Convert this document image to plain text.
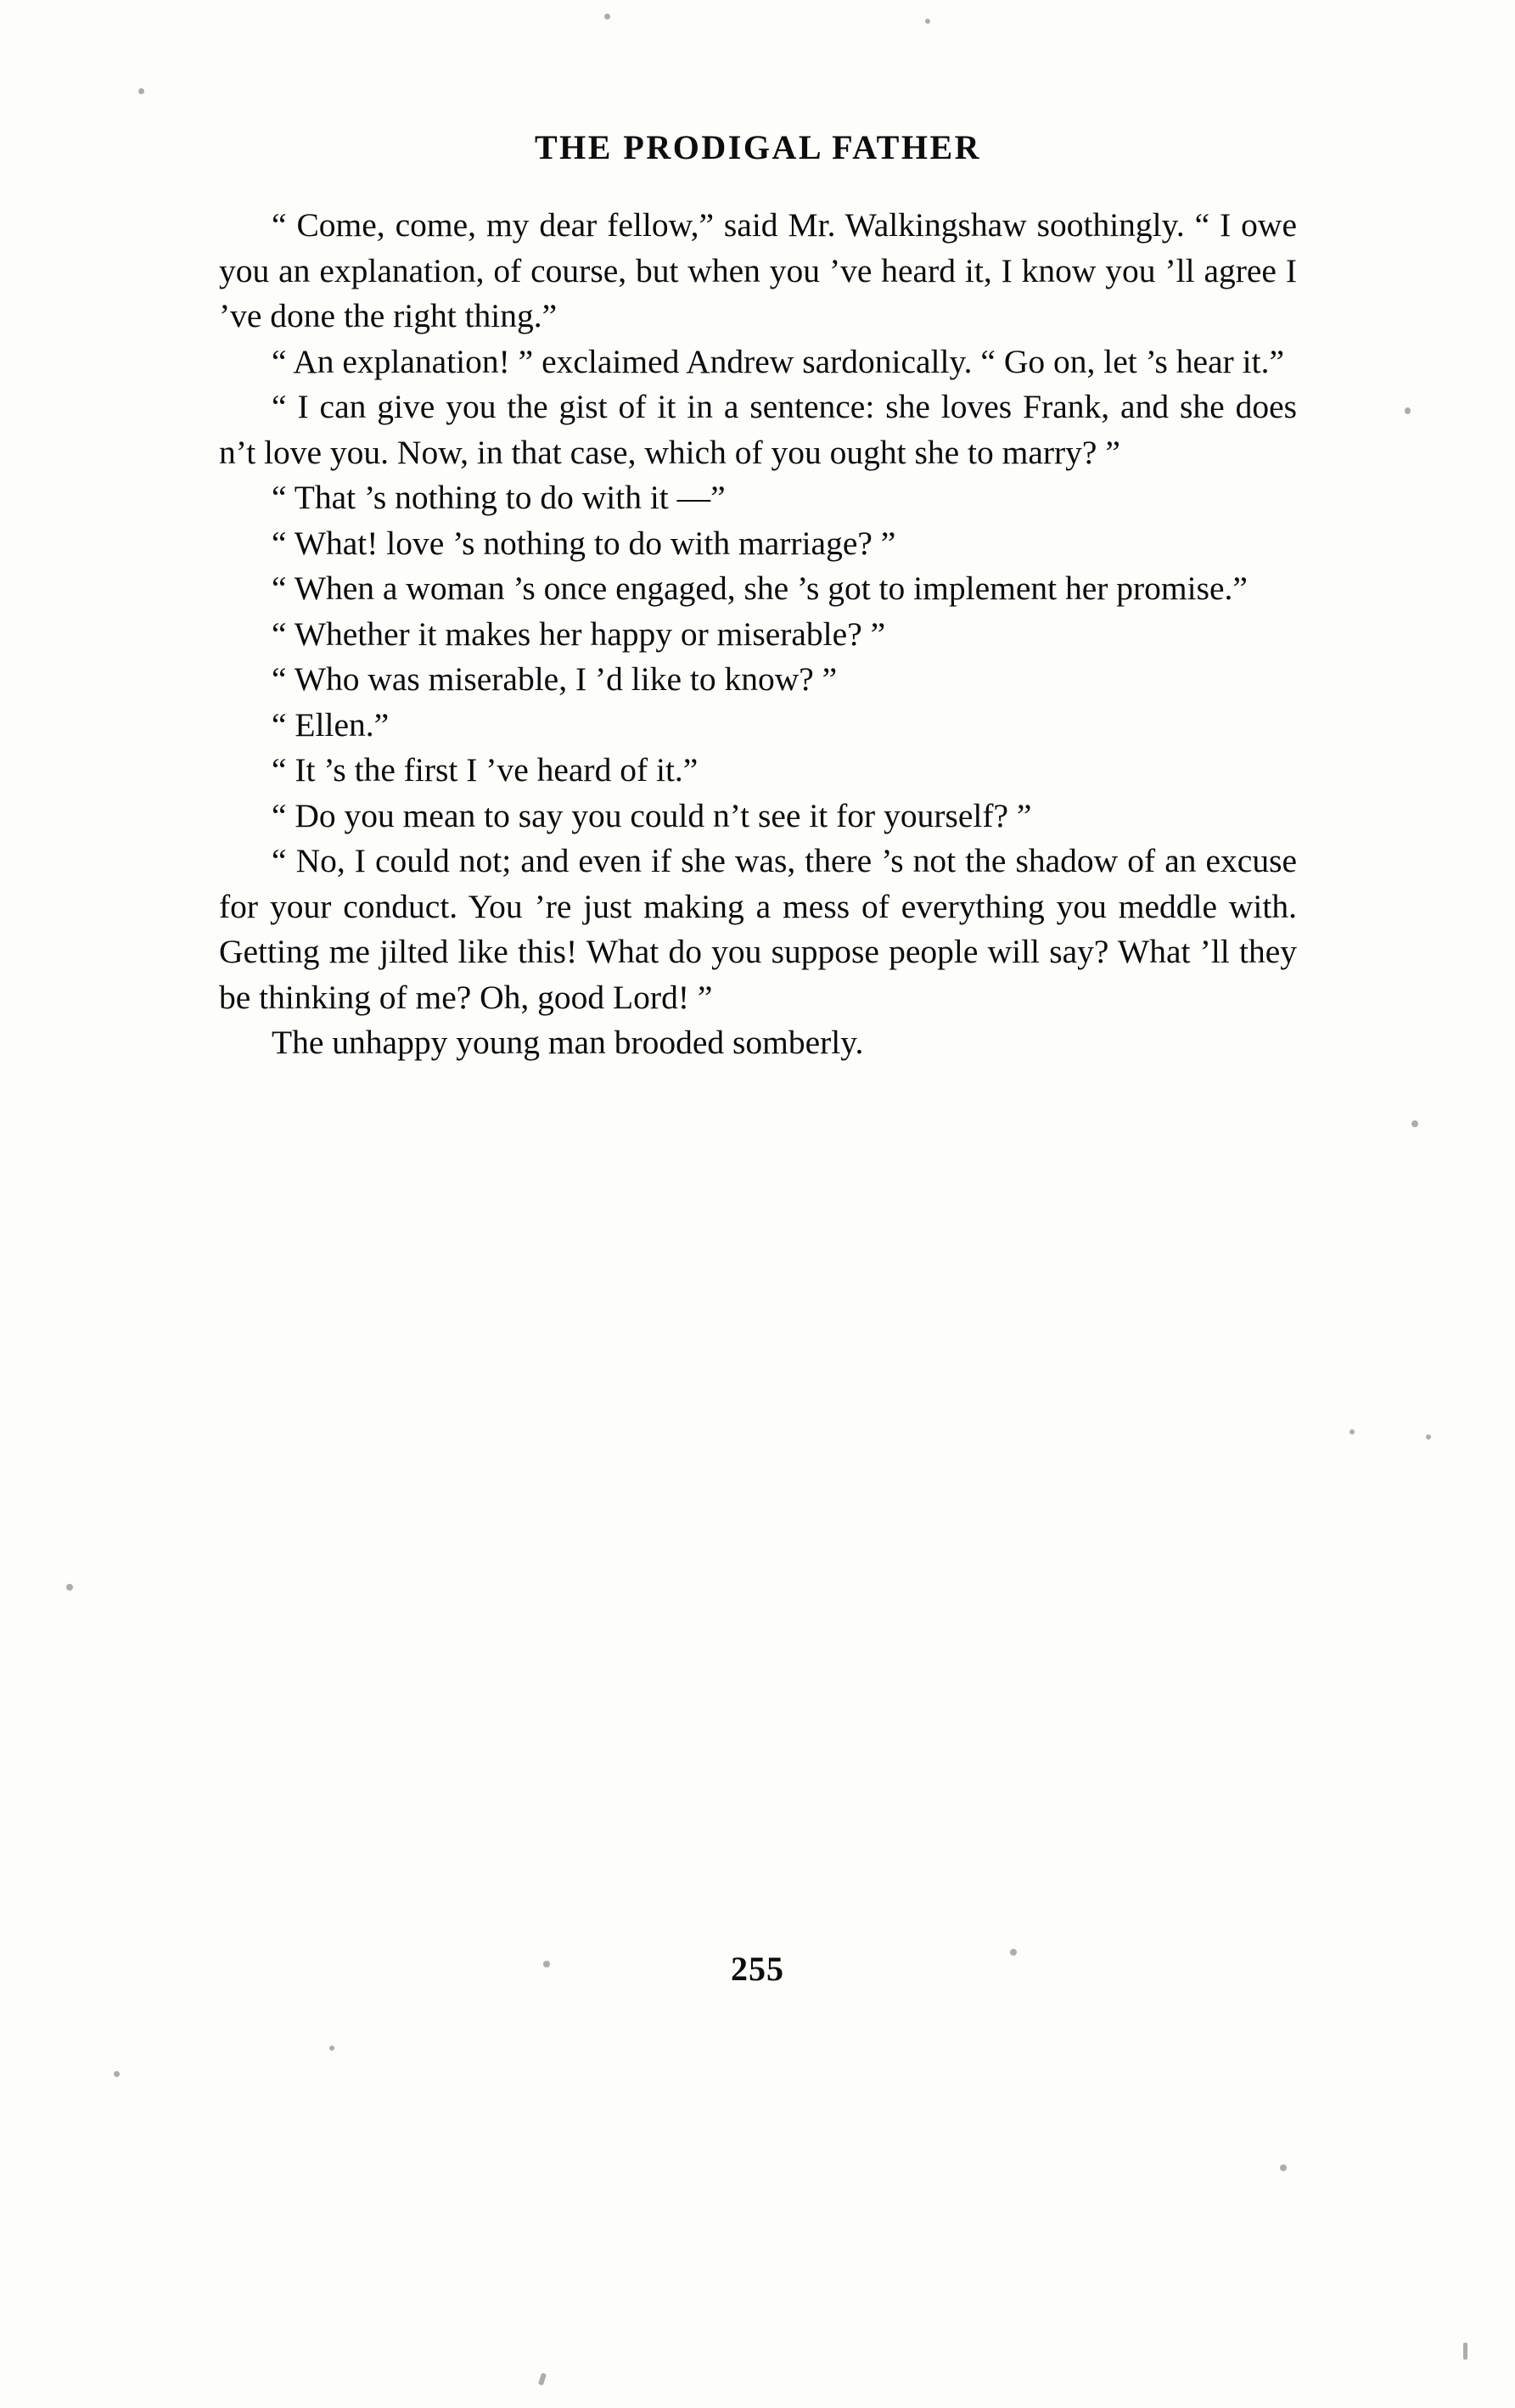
THE PRODIGAL FATHER

“ Come, come, my dear fellow,” said Mr. Walkingshaw soothingly. “ I owe you an explanation, of course, but when you ’ve heard it, I know you ’ll agree I ’ve done the right thing.”

“ An explanation! ” exclaimed Andrew sardonically. “ Go on, let ’s hear it.”

“ I can give you the gist of it in a sentence: she loves Frank, and she does n’t love you. Now, in that case, which of you ought she to marry? ”

“ That ’s nothing to do with it —”

“ What! love ’s nothing to do with marriage? ”

“ When a woman ’s once engaged, she ’s got to implement her promise.”

“ Whether it makes her happy or miserable? ”

“ Who was miserable, I ’d like to know? ”

“ Ellen.”

“ It ’s the first I ’ve heard of it.”

“ Do you mean to say you could n’t see it for yourself? ”

“ No, I could not; and even if she was, there ’s not the shadow of an excuse for your conduct. You ’re just making a mess of everything you meddle with. Getting me jilted like this! What do you suppose people will say? What ’ll they be thinking of me? Oh, good Lord! ”

The unhappy young man brooded somberly.

255
